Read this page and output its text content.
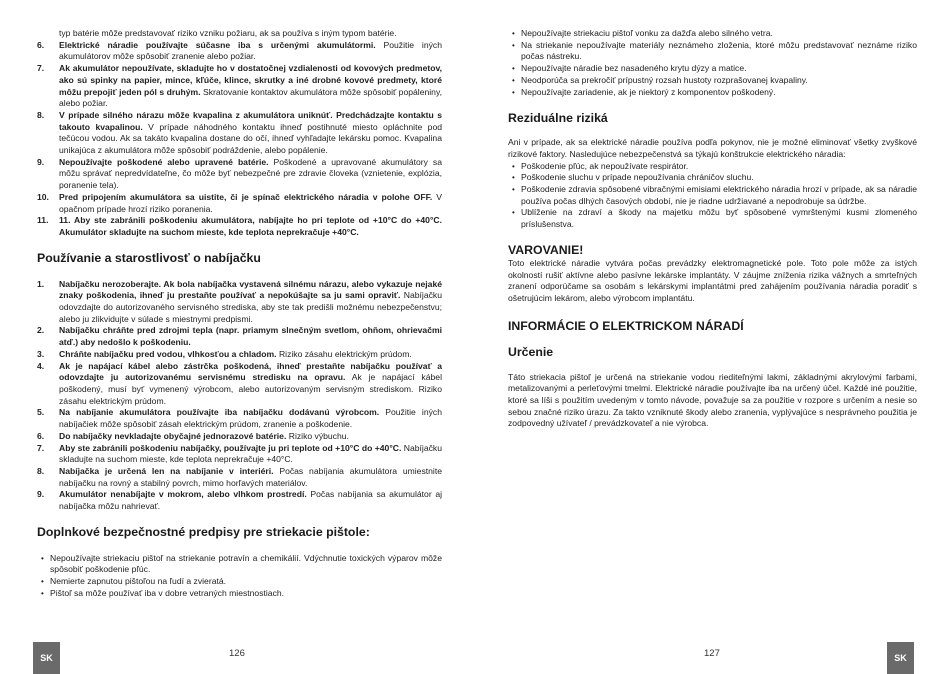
typ batérie môže predstavovať riziko vzniku požiaru, ak sa používa s iným typom batérie.
6. Elektrické náradie používajte súčasne iba s určenými akumulátormi. Použitie iných akumulátorov môže spôsobiť zranenie alebo požiar.
7. Ak akumulátor nepoužívate, skladujte ho v dostatočnej vzdialenosti od kovových predmetov, ako sú spinky na papier, mince, kľúče, klince, skrutky a iné drobné kovové predmety, ktoré môžu prepojiť jeden pól s druhým. Skratovanie kontaktov akumulátora môže spôsobiť popáleniny, alebo požiar.
8. V prípade silného nárazu môže kvapalina z akumulátora uniknúť. Predchádzajte kontaktu s takouto kvapalinou. V prípade náhodného kontaktu ihneď postihnuté miesto opláchnite pod tečúcou vodou. Ak sa takáto kvapalina dostane do očí, ihneď vyhľadajte lekársku pomoc. Kvapalina unikajúca z akumulátora môže spôsobiť podráždenie, alebo popálenie.
9. Nepoužívajte poškodené alebo upravené batérie. Poškodené a upravované akumulátory sa môžu správať nepredvídateľne, čo môže byť nebezpečné pre zdravie človeka (vznietenie, explózia, poranenie tela).
10. Pred pripojením akumulátora sa uistite, či je spínač elektrického náradia v polohe OFF. V opačnom prípade hrozí riziko poranenia.
11. 11. Aby ste zabránili poškodeniu akumulátora, nabíjajte ho pri teplote od +10°C do +40°C. Akumulátor skladujte na suchom mieste, kde teplota neprekračuje +40°C.
Používanie a starostlivosť o nabíjačku
1. Nabíjačku nerozoberajte. Ak bola nabíjačka vystavená silnému nárazu, alebo vykazuje nejaké znaky poškodenia, ihneď ju prestaňte používať a nepokúšajte sa ju sami opraviť. Nabíjačku odovzdajte do autorizovaného servisného strediska, aby ste tak predišli možnému nebezpečenstvu; alebo ju zlikvidujte v súlade s miestnymi predpismi.
2. Nabíjačku chráňte pred zdrojmi tepla (napr. priamym slnečným svetlom, ohňom, ohrievačmi atď.) aby nedošlo k poškodeniu.
3. Chráňte nabíjačku pred vodou, vlhkosťou a chladom. Riziko zásahu elektrickým prúdom.
4. Ak je napájací kábel alebo zástrčka poškodená, ihneď prestaňte nabíjačku používať a odovzdajte ju autorizovanému servisnému stredisku na opravu. Ak je napájací kábel poškodený, musí byť vymenený výrobcom, alebo autorizovaným servisným strediskom. Riziko zásahu elektrickým prúdom.
5. Na nabíjanie akumulátora používajte iba nabíjačku dodávanú výrobcom. Použitie iných nabíjačiek môže spôsobiť zásah elektrickým prúdom, zranenie a poškodenie.
6. Do nabíjačky nevkladajte obyčajné jednorazové batérie. Riziko výbuchu.
7. Aby ste zabránili poškodeniu nabíjačky, používajte ju pri teplote od +10°C do +40°C. Nabíjačku skladujte na suchom mieste, kde teplota neprekračuje +40°C.
8. Nabíjačka je určená len na nabíjanie v interiéri. Počas nabíjania akumulátora umiestnite nabíjačku na rovný a stabilný povrch, mimo horľavých materiálov.
9. Akumulátor nenabíjajte v mokrom, alebo vlhkom prostredí. Počas nabíjania sa akumulátor aj nabíjačka môžu nahrievať.
Doplnkové bezpečnostné predpisy pre striekacie pištole:
• Nepoužívajte striekaciu pištoľ na striekanie potravín a chemikálií. Vdýchnutie toxických výparov môže spôsobiť poškodenie pľúc.
• Nemierte zapnutou pištoľou na ľudí a zvieratá.
• Pištoľ sa môže používať iba v dobre vetraných miestnostiach.
• Nepoužívajte striekaciu pištoľ vonku za dažďa alebo silného vetra.
• Na striekanie nepoužívajte materiály neznámeho zloženia, ktoré môžu predstavovať neznáme riziko počas nástreku.
• Nepoužívajte náradie bez nasadeného krytu dýzy a matice.
• Neodporúča sa prekročiť prípustný rozsah hustoty rozprašovanej kvapaliny.
• Nepoužívajte zariadenie, ak je niektorý z komponentov poškodený.
Reziduálne riziká

Ani v prípade, ak sa elektrické náradie používa podľa pokynov, nie je možné eliminovať všetky zvyškové rizikové faktory. Nasledujúce nebezpečenstvá sa týkajú konštrukcie elektrického náradia:

• Poškodenie pľúc, ak nepoužívate respirátor.
• Poškodenie sluchu v prípade nepoužívania chráničov sluchu.
• Poškodenie zdravia spôsobené vibračnými emisiami elektrického náradia hrozí v prípade, ak sa náradie používa počas dlhých časových období, nie je riadne udržiavané a nepodrobuje sa údržbe.
• Ublíženie na zdraví a škody na majetku môžu byť spôsobené vymrštenými kusmi zlomeného príslušenstva.
VAROVANIE!

Toto elektrické náradie vytvára počas prevádzky elektromagnetické pole. Toto pole môže za istých okolností rušiť aktívne alebo pasívne lekárske implantáty. V záujme zníženia rizika vážnych a smrteľných zranení odporúčame sa osobám s lekárskymi implantátmi pred zahájením používania náradia poradiť s ošetrujúcim lekárom, alebo výrobcom implantátu.

INFORMÁCIE O ELEKTRICKOM NÁRADÍ
Určenie

Táto striekacia pištoľ je určená na striekanie vodou riediteľnými lakmi, základnými akrylovými farbami, metalizovanými a perleťovými tmelmi. Elektrické náradie používajte iba na určený účel. Každé iné použitie, ktoré sa líši s použitím uvedeným v tomto návode, považuje sa za použitie v rozpore s určením a nesie so sebou značné riziko úrazu. Za takto vzniknuté škody alebo zranenia, vyplývajúce s nesprávneho použitia je zodpovedný užívateľ / prevádzkovateľ a nie výrobca.

SK	126	127	SK
